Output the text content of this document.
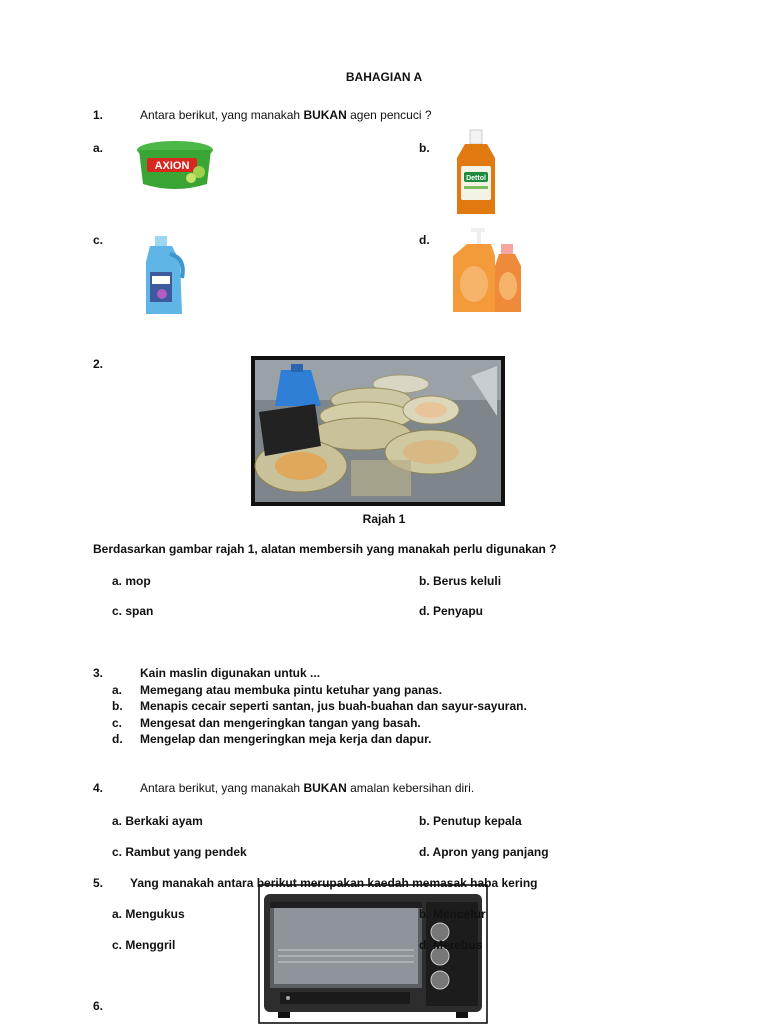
BAHAGIAN A
1.	Antara berikut, yang manakah BUKAN agen pencuci ?
a.	b.
c.	d.
AXION
Dettol
2.
Rajah 1
Berdasarkan gambar rajah 1, alatan membersih yang manakah perlu digunakan ?
a. mop	b. Berus keluli
c. span	d. Penyapu
3.	Kain maslin digunakan untuk ...
a. Memegang atau membuka pintu ketuhar yang panas.
b. Menapis cecair seperti santan, jus buah-buahan dan sayur-sayuran.
c. Mengesat dan mengeringkan tangan yang basah.
d. Mengelap dan mengeringkan meja kerja dan dapur.
4.	Antara berikut, yang manakah BUKAN amalan kebersihan diri.
a. Berkaki ayam	b. Penutup kepala
c. Rambut yang pendek	d. Apron yang panjang
5. Yang manakah antara berikut merupakan kaedah memasak haba kering
a. Mengukus	b. Mencelur
c. Menggril	d. Merebus
6.
